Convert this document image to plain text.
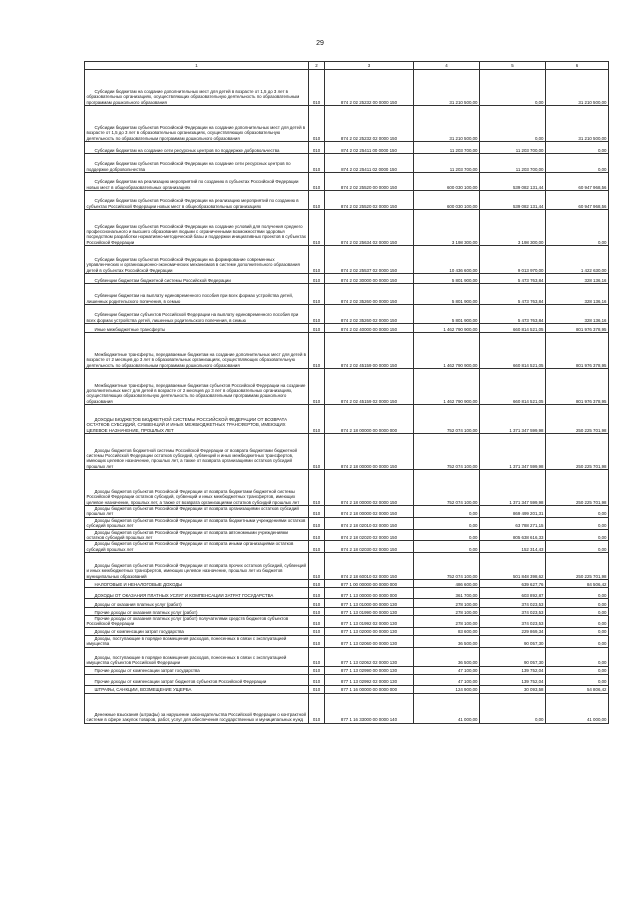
29
1	2	3	4	5	6
Субсидии бюджетам на создание дополнительных мест для детей в возрасте от 1,5 до 3 лет в образовательных организациях, осуществляющих образовательную деятельность по образовательным программам дошкольного образования	010	874 2 02 25232 00 0000 150	31 210 500,00	0,00	31 210 500,00
Субсидии бюджетам субъектов Российской Федерации на создание дополнительных мест для детей в возрасте от 1,5 до 3 лет в образовательных организациях, осуществляющих образовательную деятельность по образовательным программам дошкольного образования	010	874 2 02 25232 02 0000 150	31 210 500,00	0,00	31 210 500,00
Субсидии бюджетам на создание сети ресурсных центров по поддержке добровольчества	010	874 2 02 25411 00 0000 150	11 203 700,00	11 203 700,00	0,00
Субсидии бюджетам субъектов Российской Федерации на создание сети ресурсных центров по поддержке добровольчества	010	874 2 02 25411 02 0000 150	11 203 700,00	11 203 700,00	0,00
Субсидии бюджетам на реализацию мероприятий по созданию в субъектах Российской Федерации новых мест в общеобразовательных организациях	010	874 2 02 25520 00 0000 150	600 030 100,00	539 082 131,44	60 947 968,56
Субсидии бюджетам субъектов Российской Федерации на реализацию мероприятий по созданию в субъектах Российской Федерации новых мест в общеобразовательных организациях	010	874 2 02 25520 02 0000 150	600 030 100,00	539 082 131,44	60 947 968,56
Субсидии бюджетам субъектов Российской Федерации на создание условий для получения среднего профессионального и высшего образования людьми с ограниченными возможностями здоровья посредством разработки нормативно-методической базы и поддержки инициативных проектов в субъектах Российской Федерации	010	874 2 02 25634 02 0000 150	3 198 300,00	3 198 300,00	0,00
Субсидии бюджетам субъектов Российской Федерации на формирование современных управленческих и организационно-экономических механизмов в системе дополнительного образования детей в субъектах Российской Федерации	010	874 2 02 25537 02 0000 150	10 436 600,00	9 013 970,00	1 422 630,00
Субвенции бюджетам бюджетной системы Российской Федерации	010	874 2 02 30000 00 0000 150	5 801 900,00	5 473 763,84	328 136,16
Субвенции бюджетам на выплату единовременного пособия при всех формах устройства детей, лишенных родительского попечения, в семью	010	874 2 02 35260 00 0000 150	5 801 900,00	5 473 763,84	328 136,16
Субвенции бюджетам субъектов Российской Федерации на выплату единовременного пособия при всех формах устройства детей, лишенных родительского попечения, в семью	010	874 2 02 35260 02 0000 150	5 801 900,00	5 473 763,84	328 136,16
Иные межбюджетные трансферты	010	874 2 02 40000 00 0000 150	1 462 790 900,00	660 814 521,05	801 976 378,95
Межбюджетные трансферты, передаваемые бюджетам на создание дополнительных мест для детей в возрасте от 2 месяцев до 3 лет в образовательных организациях, осуществляющих образовательную деятельность по образовательным программам дошкольного образования	010	874 2 02 45159 00 0000 150	1 462 790 900,00	660 814 521,05	801 976 378,95
Межбюджетные трансферты, передаваемые бюджетам субъектов Российской Федерации на создание дополнительных мест для детей в возрасте от 2 месяцев до 3 лет в образовательных организациях, осуществляющих образовательную деятельность по образовательным программам дошкольного образования	010	874 2 02 45159 02 0000 150	1 462 790 900,00	660 814 521,05	801 976 378,95
ДОХОДЫ БЮДЖЕТОВ БЮДЖЕТНОЙ СИСТЕМЫ РОССИЙСКОЙ ФЕДЕРАЦИИ ОТ ВОЗВРАТА ОСТАТКОВ СУБСИДИЙ, СУБВЕНЦИЙ И ИНЫХ МЕЖБЮДЖЕТНЫХ ТРАНСФЕРТОВ, ИМЕЮЩИХ ЦЕЛЕВОЕ НАЗНАЧЕНИЕ, ПРОШЛЫХ ЛЕТ	010	874 2 18 00000 00 0000 000	752 074 100,00	1 371 347 599,98	250 225 701,98
Доходы бюджетов бюджетной системы Российской Федерации от возврата бюджетами бюджетной системы Российской Федерации остатков субсидий, субвенций и иных межбюджетных трансфертов, имеющих целевое назначение, прошлых лет, а также от возврата организациями остатков субсидий прошлых лет	010	874 2 18 00000 00 0000 150	752 074 100,00	1 371 347 599,98	250 225 701,98
Доходы бюджетов субъектов Российской Федерации от возврата бюджетами бюджетной системы Российской Федерации остатков субсидий, субвенций и иных межбюджетных трансфертов, имеющих целевое назначение, прошлых лет, а также от возврата организациями остатков субсидий прошлых лет	010	874 2 18 00000 02 0000 150	752 074 100,00	1 371 347 599,98	250 225 701,98
Доходы бюджетов субъектов Российской Федерации от возврата организациями остатков субсидий прошлых лет	010	874 2 18 00000 02 0000 150	0,00	869 499 201,31	0,00
Доходы бюджетов субъектов Российской Федерации от возврата бюджетными учреждениями остатков субсидий прошлых лет	010	874 2 18 02010 02 0000 150	0,00	63 788 271,15	0,00
Доходы бюджетов субъектов Российской Федерации от возврата автономными учреждениями остатков субсидий прошлых лет	010	874 2 18 02020 02 0000 150	0,00	805 638 616,33	0,00
Доходы бюджетов субъектов Российской Федерации от возврата иными организациями остатков субсидий прошлых лет	010	874 2 18 02030 02 0000 150	0,00	152 314,43	0,00
Доходы бюджетов субъектов Российской Федерации от возврата прочих остатков субсидий, субвенций и иных межбюджетных трансфертов, имеющих целевое назначение, прошлых лет из бюджетов муниципальных образований	010	874 2 18 60010 02 0000 150	752 074 100,00	501 848 398,62	250 225 701,98
НАЛОГОВЫЕ И НЕНАЛОГОВЫЕ ДОХОДЫ	010	877 1 00 00000 00 0000 000	486 600,00	639 627,76	84 506,42
ДОХОДЫ ОТ ОКАЗАНИЯ ПЛАТНЫХ УСЛУГ И КОМПЕНСАЦИИ ЗАТРАТ ГОСУДАРСТВА	010	877 1 13 00000 00 0000 000	361 700,00	603 892,87	0,00
Доходы от оказания платных услуг (работ)	010	877 1 13 01000 00 0000 130	278 100,00	374 023,53	0,00
Прочие доходы от оказания платных услуг (работ)	010	877 1 13 01990 00 0000 130	278 100,00	374 023,53	0,00
Прочие доходы от оказания платных услуг (работ) получателями средств бюджетов субъектов Российской Федерации	010	877 1 13 01992 02 0000 130	278 100,00	374 023,53	0,00
Доходы от компенсации затрат государства	010	877 1 13 02000 00 0000 130	83 600,00	229 869,34	0,00
Доходы, поступающие в порядке возмещения расходов, понесенных в связи с эксплуатацией имущества	010	877 1 13 02060 00 0000 130	36 500,00	90 057,30	0,00
Доходы, поступающие в порядке возмещения расходов, понесенных в связи с эксплуатацией имущества субъектов Российской Федерации	010	877 1 13 02062 02 0000 130	36 500,00	90 057,30	0,00
Прочие доходы от компенсации затрат государства	010	877 1 13 02990 00 0000 130	47 100,00	139 752,04	0,00
Прочие доходы от компенсации затрат бюджетов субъектов Российской Федерации	010	877 1 13 02992 02 0000 130	47 100,00	139 752,04	0,00
ШТРАФЫ, САНКЦИИ, ВОЗМЕЩЕНИЕ УЩЕРБА	010	877 1 16 00000 00 0000 000	124 900,00	30 093,58	54 806,42
Денежные взыскания (штрафы) за нарушение законодательства Российской Федерации о контрактной системе в сфере закупок товаров, работ, услуг для обеспечения государственных и муниципальных нужд	010	877 1 16 33000 00 0000 140	41 000,00	0,00	41 000,00
